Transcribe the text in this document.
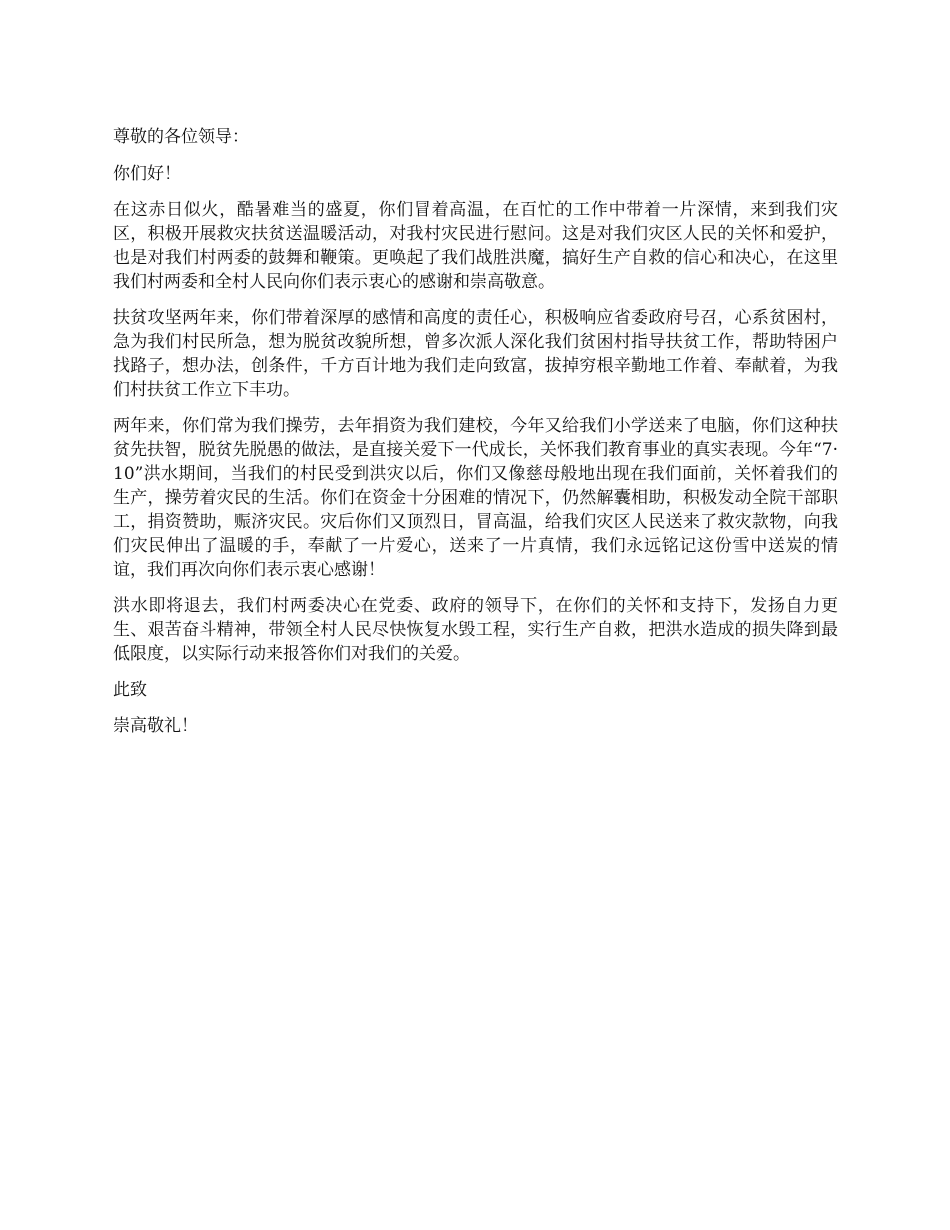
尊敬的各位领导：

你们好！

在这赤日似火，酷暑难当的盛夏，你们冒着高温，在百忙的工作中带着一片深情，来到我们灾区，积极开展救灾扶贫送温暖活动，对我村灾民进行慰问。这是对我们灾区人民的关怀和爱护，也是对我们村两委的鼓舞和鞭策。更唤起了我们战胜洪魔，搞好生产自救的信心和决心，在这里我们村两委和全村人民向你们表示衷心的感谢和崇高敬意。

扶贫攻坚两年来，你们带着深厚的感情和高度的责任心，积极响应省委政府号召，心系贫困村，急为我们村民所急，想为脱贫改貌所想，曾多次派人深化我们贫困村指导扶贫工作，帮助特困户找路子，想办法，创条件，千方百计地为我们走向致富，拔掉穷根辛勤地工作着、奉献着，为我们村扶贫工作立下丰功。

两年来，你们常为我们操劳，去年捐资为我们建校，今年又给我们小学送来了电脑，你们这种扶贫先扶智，脱贫先脱愚的做法，是直接关爱下一代成长，关怀我们教育事业的真实表现。今年“7·10”洪水期间，当我们的村民受到洪灾以后，你们又像慈母般地出现在我们面前，关怀着我们的生产，操劳着灾民的生活。你们在资金十分困难的情况下，仍然解囊相助，积极发动全院干部职工，捐资赞助，赈济灾民。灾后你们又顶烈日，冒高温，给我们灾区人民送来了救灾款物，向我们灾民伸出了温暖的手，奉献了一片爱心，送来了一片真情，我们永远铭记这份雪中送炭的情谊，我们再次向你们表示衷心感谢！

洪水即将退去，我们村两委决心在党委、政府的领导下，在你们的关怀和支持下，发扬自力更生、艰苦奋斗精神，带领全村人民尽快恢复水毁工程，实行生产自救，把洪水造成的损失降到最低限度，以实际行动来报答你们对我们的关爱。

此致

崇高敬礼！
